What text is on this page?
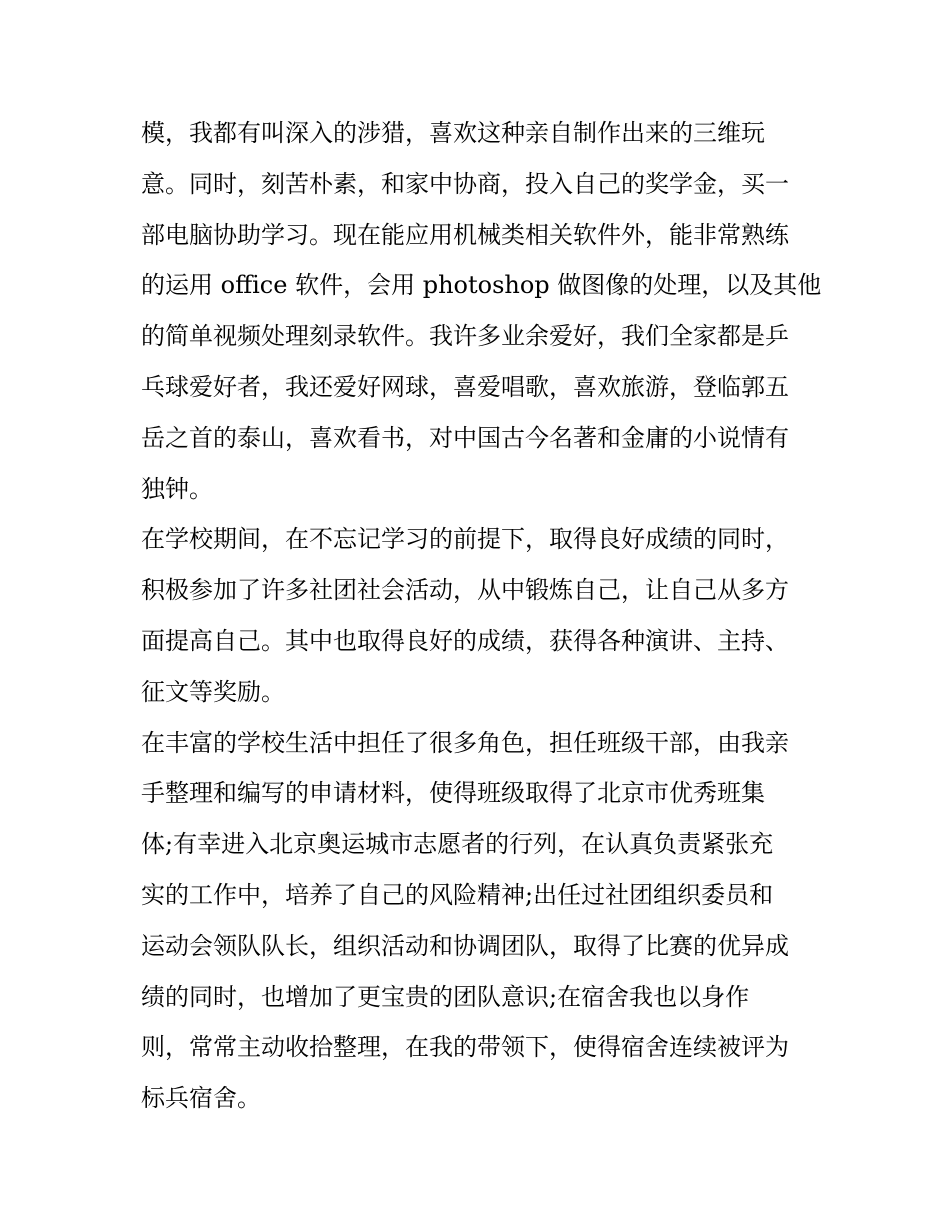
模，我都有叫深入的涉猎，喜欢这种亲自制作出来的三维玩
意。同时，刻苦朴素，和家中协商，投入自己的奖学金，买一
部电脑协助学习。现在能应用机械类相关软件外，能非常熟练
的运用 office 软件，会用 photoshop 做图像的处理，以及其他
的简单视频处理刻录软件。我许多业余爱好，我们全家都是乒
乓球爱好者，我还爱好网球，喜爱唱歌，喜欢旅游，登临郭五
岳之首的泰山，喜欢看书，对中国古今名著和金庸的小说情有
独钟。
在学校期间，在不忘记学习的前提下，取得良好成绩的同时，
积极参加了许多社团社会活动，从中锻炼自己，让自己从多方
面提高自己。其中也取得良好的成绩，获得各种演讲、主持、
征文等奖励。
在丰富的学校生活中担任了很多角色，担任班级干部，由我亲
手整理和编写的申请材料，使得班级取得了北京市优秀班集
体;有幸进入北京奥运城市志愿者的行列，在认真负责紧张充
实的工作中，培养了自己的风险精神;出任过社团组织委员和
运动会领队队长，组织活动和协调团队，取得了比赛的优异成
绩的同时，也增加了更宝贵的团队意识;在宿舍我也以身作
则，常常主动收拾整理，在我的带领下，使得宿舍连续被评为
标兵宿舍。
